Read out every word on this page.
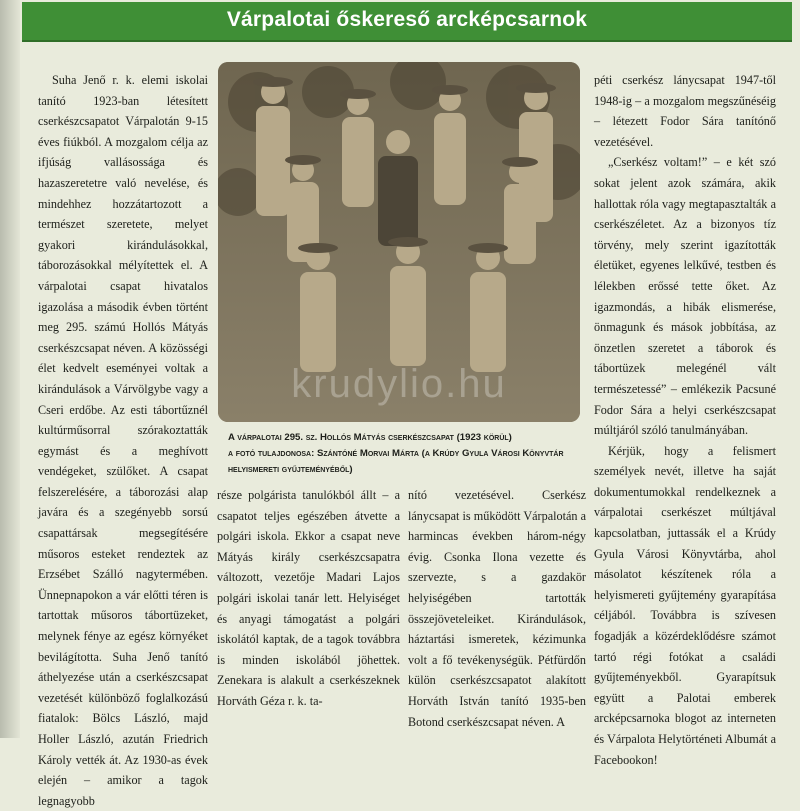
Várpalotai őskereső arcképcsarnok

Suha Jenő r. k. elemi iskolai tanító 1923-ban létesített cserkészcsapatot Várpalotán 9-15 éves fiúkból. A mozgalom célja az ifjúság vallásossága és hazaszeretetre való nevelése, és mindehhez hozzátartozott a természet szeretete, melyet gyakori kirándulásokkal, táborozásokkal mélyítettek el. A várpalotai csapat hivatalos igazolása a második évben történt meg 295. számú Hollós Mátyás cserkészcsapat néven. A közösségi élet kedvelt eseményei voltak a kirándulások a Várvölgybe vagy a Cseri erdőbe. Az esti tábortűznél kultúrműsorral szórakoztatták egymást és a meghívott vendégeket, szülőket. A csapat felszerelésére, a táborozási alap javára és a szegényebb sorsú csapattársak megsegítésére műsoros esteket rendeztek az Erzsébet Szálló nagytermében. Ünnepnapokon a vár előtti téren is tartottak műsoros tábortüzeket, melynek fénye az egész környéket bevilágította. Suha Jenő tanító áthelyezése után a cserkészcsapat vezetését különböző foglalkozású fiatalok: Bölcs László, majd Holler László, azután Friedrich Károly vették át. Az 1930-as évek elején – amikor a tagok legnagyobb

krudylio.hu
A várpalotai 295. sz. Hollós Mátyás cserkészcsapat (1923 körül)
a fotó tulajdonosa: Szántóné Morvai Márta (a Krúdy Gyula Városi Könyvtár helyismereti gyűjteményéből)

része polgárista tanulókból állt – a csapatot teljes egészében átvette a polgári iskola. Ekkor a csapat neve Mátyás király cserkészcsapatra változott, vezetője Madari Lajos polgári iskolai tanár lett. Helyiséget és anyagi támogatást a polgári iskolától kaptak, de a tagok továbbra is minden iskolából jöhettek. Zenekara is alakult a cserkészeknek Horváth Géza r. k. ta-

nító vezetésével. Cserkész lánycsapat is működött Várpalotán a harmincas években három-négy évig. Csonka Ilona vezette és szervezte, s a gazdakör helyiségében tartották összejöveteleiket. Kirándulások, háztartási ismeretek, kézimunka volt a fő tevékenységük. Pétfürdőn külön cserkészcsapatot alakított Horváth István tanító 1935-ben Botond cserkészcsapat néven. A

péti cserkész lánycsapat 1947-től 1948-ig – a mozgalom megszűnéséig – létezett Fodor Sára tanítónő vezetésével.

„Cserkész voltam!” – e két szó sokat jelent azok számára, akik hallottak róla vagy megtapasztalták a cserkészéletet. Az a bizonyos tíz törvény, mely szerint igazították életüket, egyenes lelkűvé, testben és lélekben erőssé tette őket. Az igazmondás, a hibák elismerése, önmagunk és mások jobbítása, az önzetlen szeretet a táborok és tábortüzek melegénél vált természetessé” – emlékezik Pacsuné Fodor Sára a helyi cserkészcsapat múltjáról szóló tanulmányában.

Kérjük, hogy a felismert személyek nevét, illetve ha saját dokumentumokkal rendelkeznek a várpalotai cserkészet múltjával kapcsolatban, juttassák el a Krúdy Gyula Városi Könyvtárba, ahol másolatot készítenek róla a helyismereti gyűjtemény gyarapítása céljából. Továbbra is szívesen fogadják a közérdeklődésre számot tartó régi fotókat a családi gyűjteményekből. Gyarapítsuk együtt a Palotai emberek arcképcsarnoka blogot az interneten és Várpalota Helytörténeti Albumát a Facebookon!
